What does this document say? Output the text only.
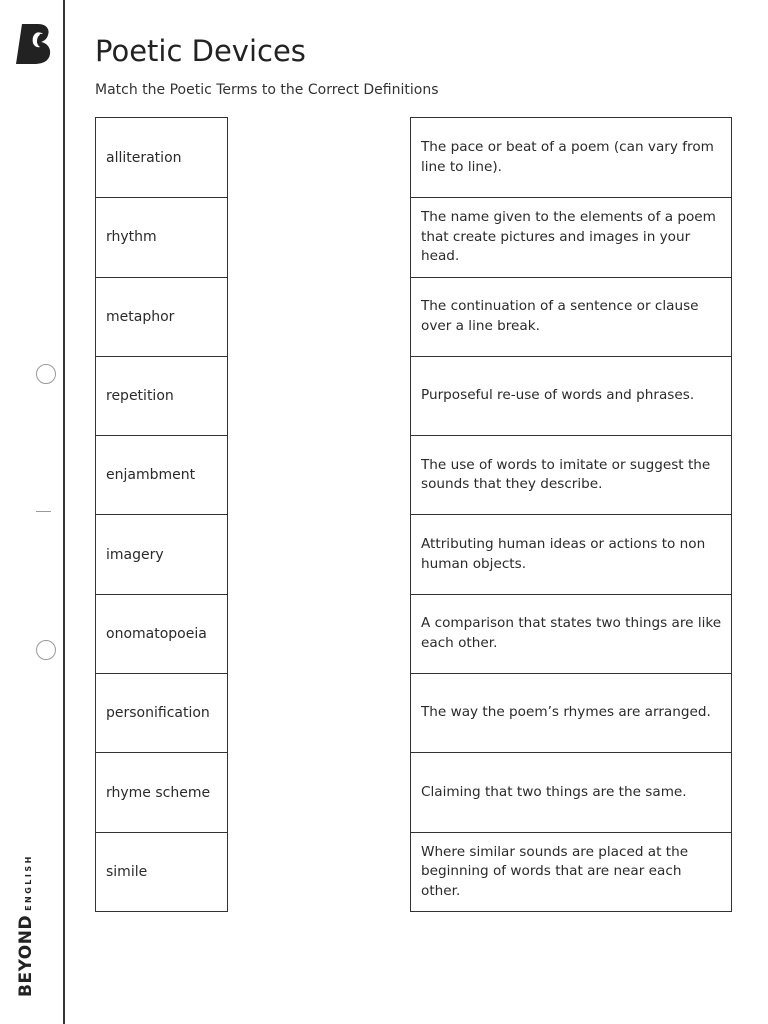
BEYONDENGLISH
Poetic Devices
Match the Poetic Terms to the Correct Definitions
alliteration
rhythm
metaphor
repetition
enjambment
imagery
onomatopoeia
personification
rhyme scheme
simile
The pace or beat of a poem (can vary from line to line).
The name given to the elements of a poem that create pictures and images in your head.
The continuation of a sentence or clause over a line break.
Purposeful re-use of words and phrases.
The use of words to imitate or suggest the sounds that they describe.
Attributing human ideas or actions to non human objects.
A comparison that states two things are like each other.
The way the poem’s rhymes are arranged.
Claiming that two things are the same.
Where similar sounds are placed at the beginning of words that are near each other.
